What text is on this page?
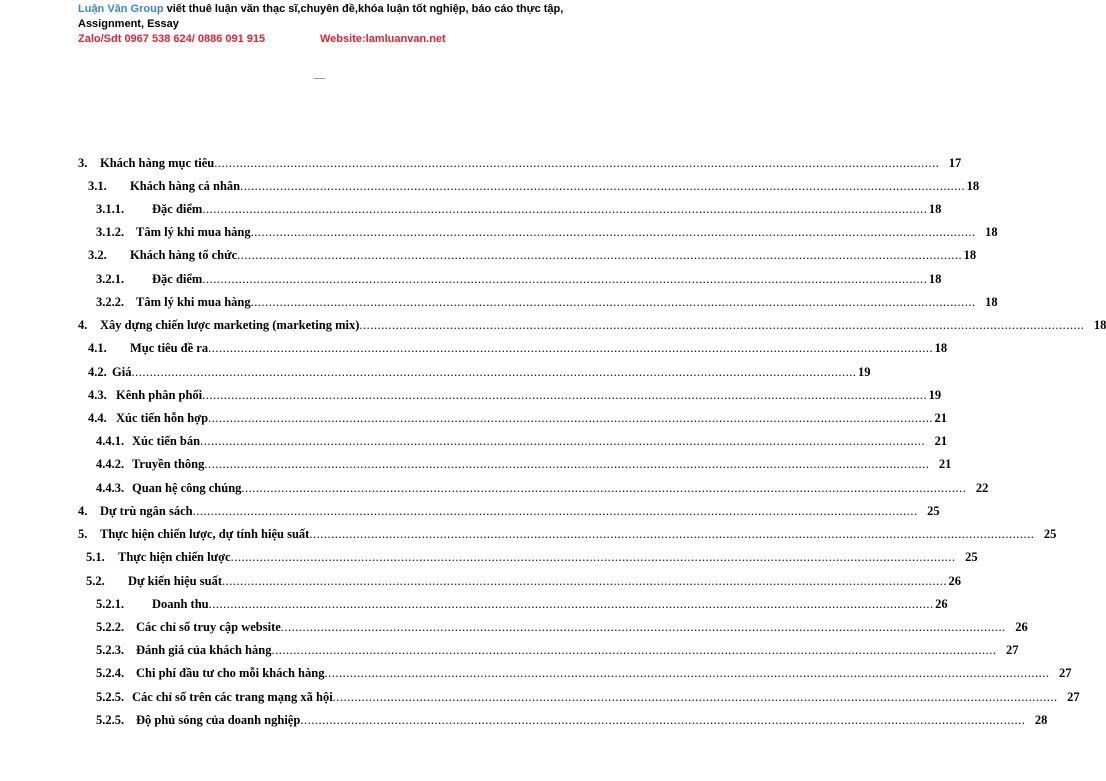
Luận Văn Group viết thuê luận văn thạc sĩ,chuyên đề,khóa luận tốt nghiệp, báo cáo thực tập,
Assignment, Essay
Zalo/Sdt 0967 538 624/ 0886 091 915	Website:lamluanvan.net
3.	Khách hàng mục tiêu ........................................................................................................................................................................................................ 17
3.1.	Khách hàng cá nhân ........................................................................................................................................................................................................ 18
3.1.1.	Đặc điểm ........................................................................................................................................................................................................ 18
3.1.2. Tâm lý khi mua hàng ........................................................................................................................................................................................................ 18
3.2.	Khách hàng tổ chức ........................................................................................................................................................................................................ 18
3.2.1.	Đặc điểm ........................................................................................................................................................................................................ 18
3.2.2. Tâm lý khi mua hàng ........................................................................................................................................................................................................ 18
4.	Xây dựng chiến lược marketing (marketing mix) ........................................................................................................................................................................................................ 18
4.1.	Mục tiêu đề ra ........................................................................................................................................................................................................ 18
4.2. Giá ........................................................................................................................................................................................................ 19
4.3. Kênh phân phối ........................................................................................................................................................................................................ 19
4.4. Xúc tiến hỗn hợp ........................................................................................................................................................................................................ 21
4.4.1. Xúc tiến bán ........................................................................................................................................................................................................ 21
4.4.2. Truyền thông ........................................................................................................................................................................................................ 21
4.4.3. Quan hệ công chúng ........................................................................................................................................................................................................ 22
4.	Dự trù ngân sách ........................................................................................................................................................................................................ 25
5.	Thực hiện chiến lược, dự tính hiệu suất ........................................................................................................................................................................................................ 25
5.1.	Thực hiện chiến lược ........................................................................................................................................................................................................ 25
5.2.	Dự kiến hiệu suất ........................................................................................................................................................................................................ 26
5.2.1.	Doanh thu ........................................................................................................................................................................................................ 26
5.2.2. Các chỉ số truy cập website ........................................................................................................................................................................................................ 26
5.2.3. Đánh giá của khách hàng ........................................................................................................................................................................................................ 27
5.2.4. Chi phí đầu tư cho mỗi khách hàng ........................................................................................................................................................................................................ 27
5.2.5. Các chỉ số trên các trang mạng xã hội ........................................................................................................................................................................................................ 27
5.2.5. Độ phủ sóng của doanh nghiệp ........................................................................................................................................................................................................ 28
